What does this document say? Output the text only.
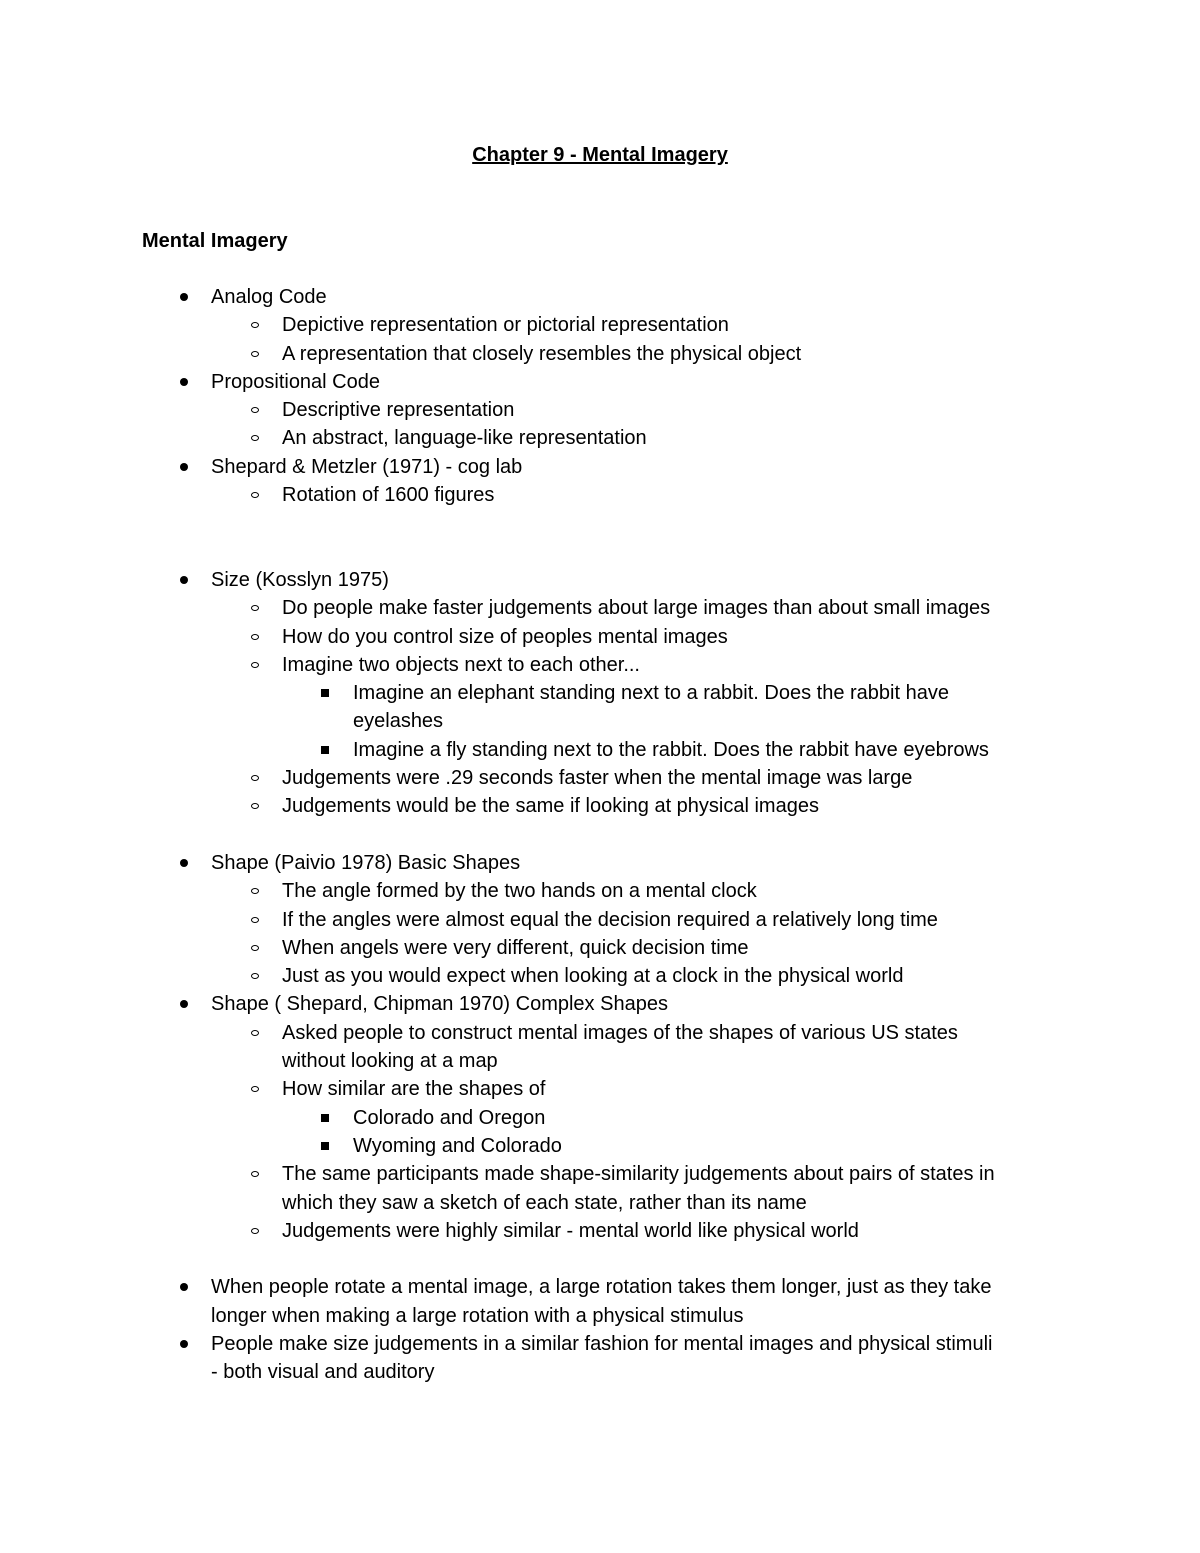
Chapter 9 - Mental Imagery
Mental Imagery
Analog Code
Depictive representation or pictorial representation
A representation that closely resembles the physical object
Propositional Code
Descriptive representation
An abstract, language-like representation
Shepard & Metzler (1971) - cog lab
Rotation of 1600 figures
Size (Kosslyn 1975)
Do people make faster judgements about large images than about small images
How do you control size of peoples mental images
Imagine two objects next to each other...
Imagine an elephant standing next to a rabbit. Does the rabbit have
eyelashes
Imagine a fly standing next to the rabbit. Does the rabbit have eyebrows
Judgements were .29 seconds faster when the mental image was large
Judgements would be the same if looking at physical images
Shape (Paivio 1978) Basic Shapes
The angle formed by the two hands on a mental clock
If the angles were almost equal the decision required a relatively long time
When angels were very different, quick decision time
Just as you would expect when looking at a clock in the physical world
Shape ( Shepard, Chipman 1970) Complex Shapes
Asked people to construct mental images of the shapes of various US states
without looking at a map
How similar are the shapes of
Colorado and Oregon
Wyoming and Colorado
The same participants made shape-similarity judgements about pairs of states in
which they saw a sketch of each state, rather than its name
Judgements were highly similar - mental world like physical world
When people rotate a mental image, a large rotation takes them longer, just as they take
longer when making a large rotation with a physical stimulus
People make size judgements in a similar fashion for mental images and physical stimuli
- both visual and auditory
